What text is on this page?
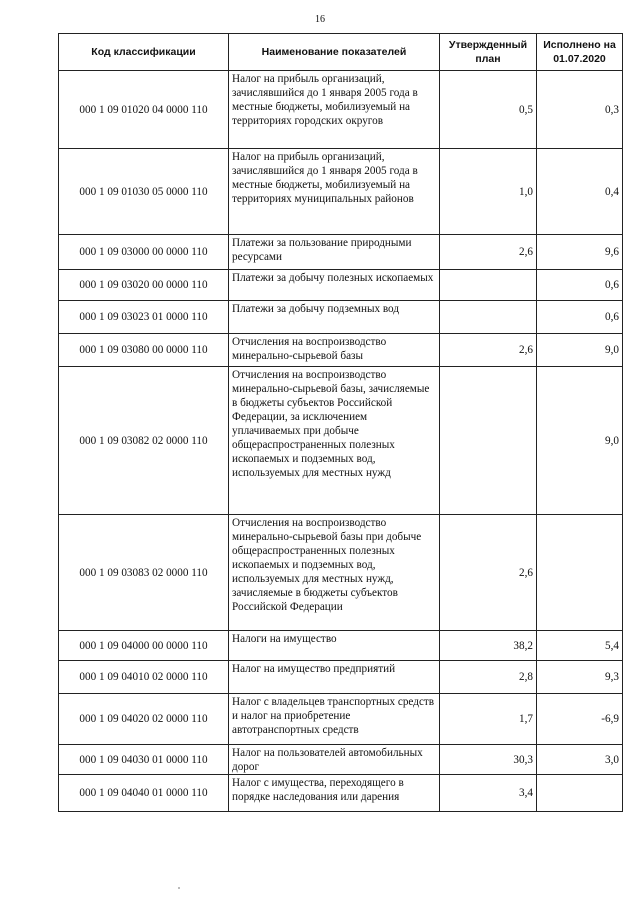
16
Код классификации	Наименование показателей	Утвержденный план	Исполнено на 01.07.2020
000 1 09 01020 04 0000 110	Налог на прибыль организаций, зачислявшийся до 1 января 2005 года в местные бюджеты, мобилизуемый на территориях городских округов	0,5	0,3
000 1 09 01030 05 0000 110	Налог на прибыль организаций, зачислявшийся до 1 января 2005 года в местные бюджеты, мобилизуемый на территориях муниципальных районов	1,0	0,4
000 1 09 03000 00 0000 110	Платежи за пользование природными ресурсами	2,6	9,6
000 1 09 03020 00 0000 110	Платежи за добычу полезных ископаемых		0,6
000 1 09 03023 01 0000 110	Платежи за добычу подземных вод		0,6
000 1 09 03080 00 0000 110	Отчисления на воспроизводство минерально-сырьевой базы	2,6	9,0
000 1 09 03082 02 0000 110	Отчисления на воспроизводство минерально-сырьевой базы, зачисляемые в бюджеты субъектов Российской Федерации, за исключением уплачиваемых при добыче общераспространенных полезных ископаемых и подземных вод, используемых для местных нужд		9,0
000 1 09 03083 02 0000 110	Отчисления на воспроизводство минерально-сырьевой базы при добыче общераспространенных полезных ископаемых и подземных вод, используемых для местных нужд, зачисляемые в бюджеты субъектов Российской Федерации	2,6	
000 1 09 04000 00 0000 110	Налоги на имущество	38,2	5,4
000 1 09 04010 02 0000 110	Налог на имущество предприятий	2,8	9,3
000 1 09 04020 02 0000 110	Налог с владельцев транспортных средств и налог на приобретение автотранспортных средств	1,7	-6,9
000 1 09 04030 01 0000 110	Налог на пользователей автомобильных дорог	30,3	3,0
000 1 09 04040 01 0000 110	Налог с имущества, переходящего в порядке наследования или дарения	3,4	
